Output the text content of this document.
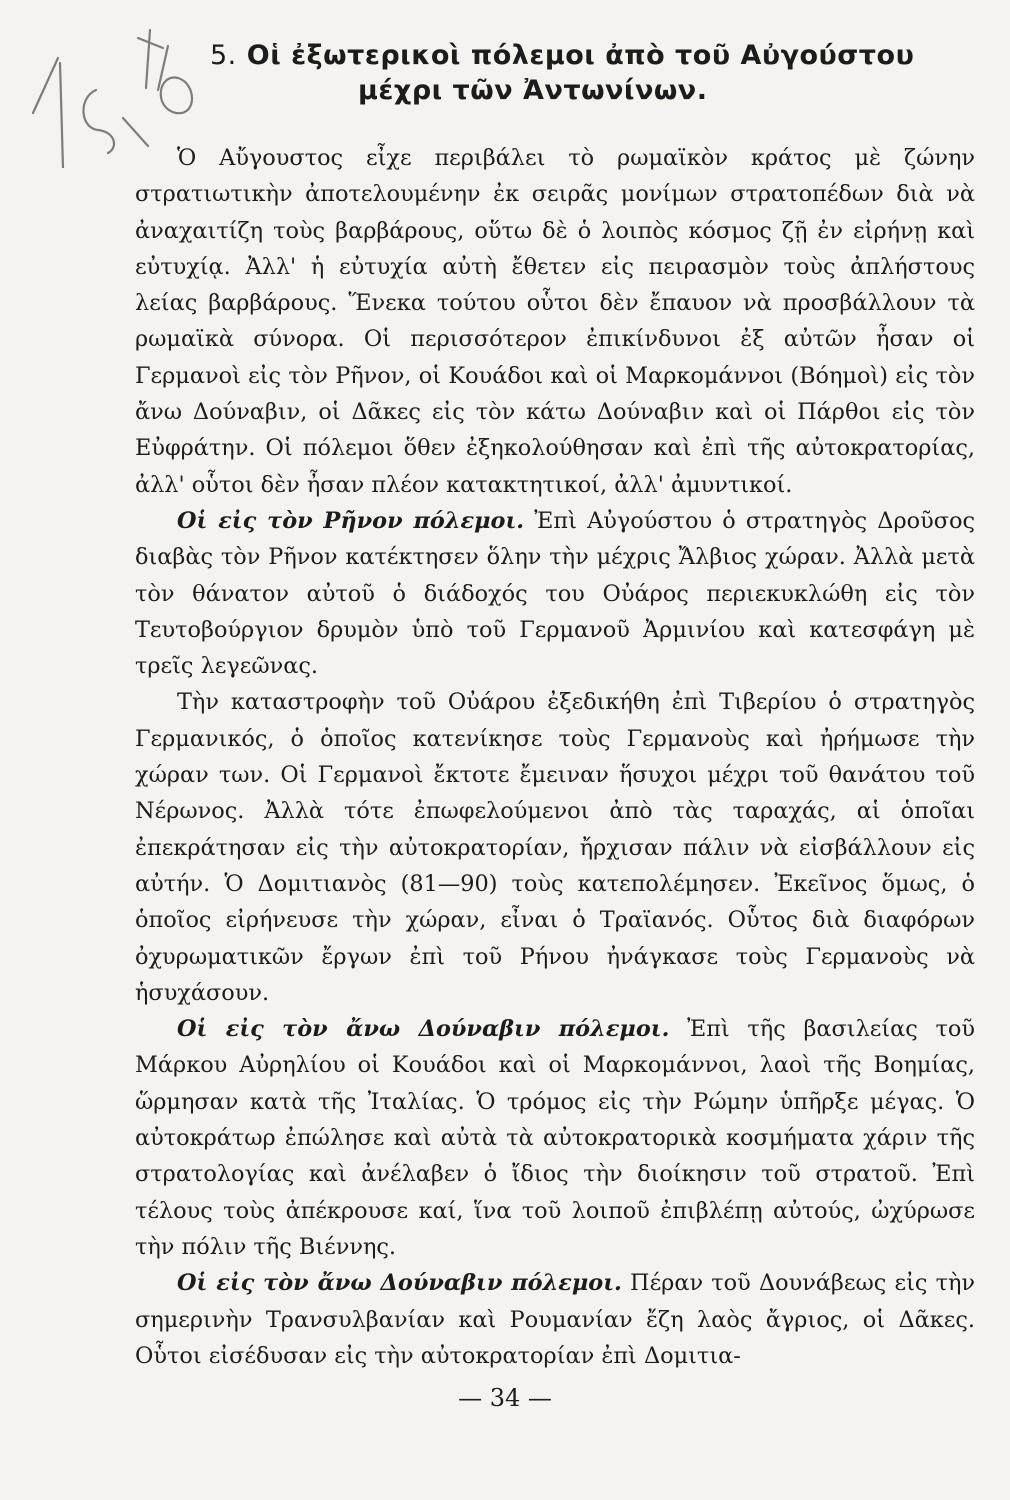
5. Οἱ ἐξωτερικοὶ πόλεμοι ἀπὸ τοῦ Αὐγούστου
μέχρι τῶν Ἀντωνίνων.

Ὁ Αὔγουστος εἶχε περιβάλει τὸ ρωμαϊκὸν κράτος μὲ ζώνην στρατιωτικὴν ἀποτελουμένην ἐκ σειρᾶς μονίμων στρατοπέδων διὰ νὰ ἀναχαιτίζη τοὺς βαρβάρους, οὕτω δὲ ὁ λοιπὸς κόσμος ζῇ ἐν εἰρήνῃ καὶ εὐτυχίᾳ. Ἀλλ' ἡ εὐτυχία αὐτὴ ἔθετεν εἰς πειρασμὸν τοὺς ἀπλήστους λείας βαρβάρους. Ἕνεκα τούτου οὗτοι δὲν ἔπαυον νὰ προσβάλλουν τὰ ρωμαϊκὰ σύνορα. Οἱ περισσότερον ἐπικίνδυνοι ἐξ αὐτῶν ἦσαν οἱ Γερμανοὶ εἰς τὸν Ρῆνον, οἱ Κουάδοι καὶ οἱ Μαρκομάννοι (Βόημοὶ) εἰς τὸν ἄνω Δούναβιν, οἱ Δᾶκες εἰς τὸν κάτω Δούναβιν καὶ οἱ Πάρθοι εἰς τὸν Εὐφράτην. Οἱ πόλεμοι ὅθεν ἐξηκολούθησαν καὶ ἐπὶ τῆς αὐτοκρατορίας, ἀλλ' οὗτοι δὲν ἦσαν πλέον κατακτητικοί, ἀλλ' ἀμυντικοί.

Οἱ εἰς τὸν Ρῆνον πόλεμοι. Ἐπὶ Αὐγούστου ὁ στρατηγὸς Δροῦσος διαβὰς τὸν Ρῆνον κατέκτησεν ὅλην τὴν μέχρις Ἄλβιος χώραν. Ἀλλὰ μετὰ τὸν θάνατον αὐτοῦ ὁ διάδοχός του Οὐάρος περιεκυκλώθη εἰς τὸν Τευτοβούργιον δρυμὸν ὑπὸ τοῦ Γερμανοῦ Ἀρμινίου καὶ κατεσφάγη μὲ τρεῖς λεγεῶνας.

Τὴν καταστροφὴν τοῦ Οὐάρου ἐξεδικήθη ἐπὶ Τιβερίου ὁ στρατηγὸς Γερμανικός, ὁ ὁποῖος κατενίκησε τοὺς Γερμανοὺς καὶ ἠρήμωσε τὴν χώραν των. Οἱ Γερμανοὶ ἔκτοτε ἔμειναν ἥσυχοι μέχρι τοῦ θανάτου τοῦ Νέρωνος. Ἀλλὰ τότε ἐπωφελούμενοι ἀπὸ τὰς ταραχάς, αἱ ὁποῖαι ἐπεκράτησαν εἰς τὴν αὐτοκρατορίαν, ἤρχισαν πάλιν νὰ εἰσβάλλουν εἰς αὐτήν. Ὁ Δομιτιανὸς (81—90) τοὺς κατεπολέμησεν. Ἐκεῖνος ὅμως, ὁ ὁποῖος εἰρήνευσε τὴν χώραν, εἶναι ὁ Τραϊανός. Οὗτος διὰ διαφόρων ὀχυρωματικῶν ἔργων ἐπὶ τοῦ Ρήνου ἠνάγκασε τοὺς Γερμανοὺς νὰ ἡσυχάσουν.

Οἱ εἰς τὸν ἄνω Δούναβιν πόλεμοι. Ἐπὶ τῆς βασιλείας τοῦ Μάρκου Αὐρηλίου οἱ Κουάδοι καὶ οἱ Μαρκομάννοι, λαοὶ τῆς Βοημίας, ὥρμησαν κατὰ τῆς Ἰταλίας. Ὁ τρόμος εἰς τὴν Ρώμην ὑπῆρξε μέγας. Ὁ αὐτοκράτωρ ἐπώλησε καὶ αὐτὰ τὰ αὐτοκρατορικὰ κοσμήματα χάριν τῆς στρατολογίας καὶ ἀνέλαβεν ὁ ἴδιος τὴν διοίκησιν τοῦ στρατοῦ. Ἐπὶ τέλους τοὺς ἀπέκρουσε καί, ἵνα τοῦ λοιποῦ ἐπιβλέπῃ αὐτούς, ὠχύρωσε τὴν πόλιν τῆς Βιέννης.

Οἱ εἰς τὸν ἄνω Δούναβιν πόλεμοι. Πέραν τοῦ Δουνάβεως εἰς τὴν σημερινὴν Τρανσυλβανίαν καὶ Ρουμανίαν ἔζη λαὸς ἄγριος, οἱ Δᾶκες. Οὗτοι εἰσέδυσαν εἰς τὴν αὐτοκρατορίαν ἐπὶ Δομιτια-

— 34 —
